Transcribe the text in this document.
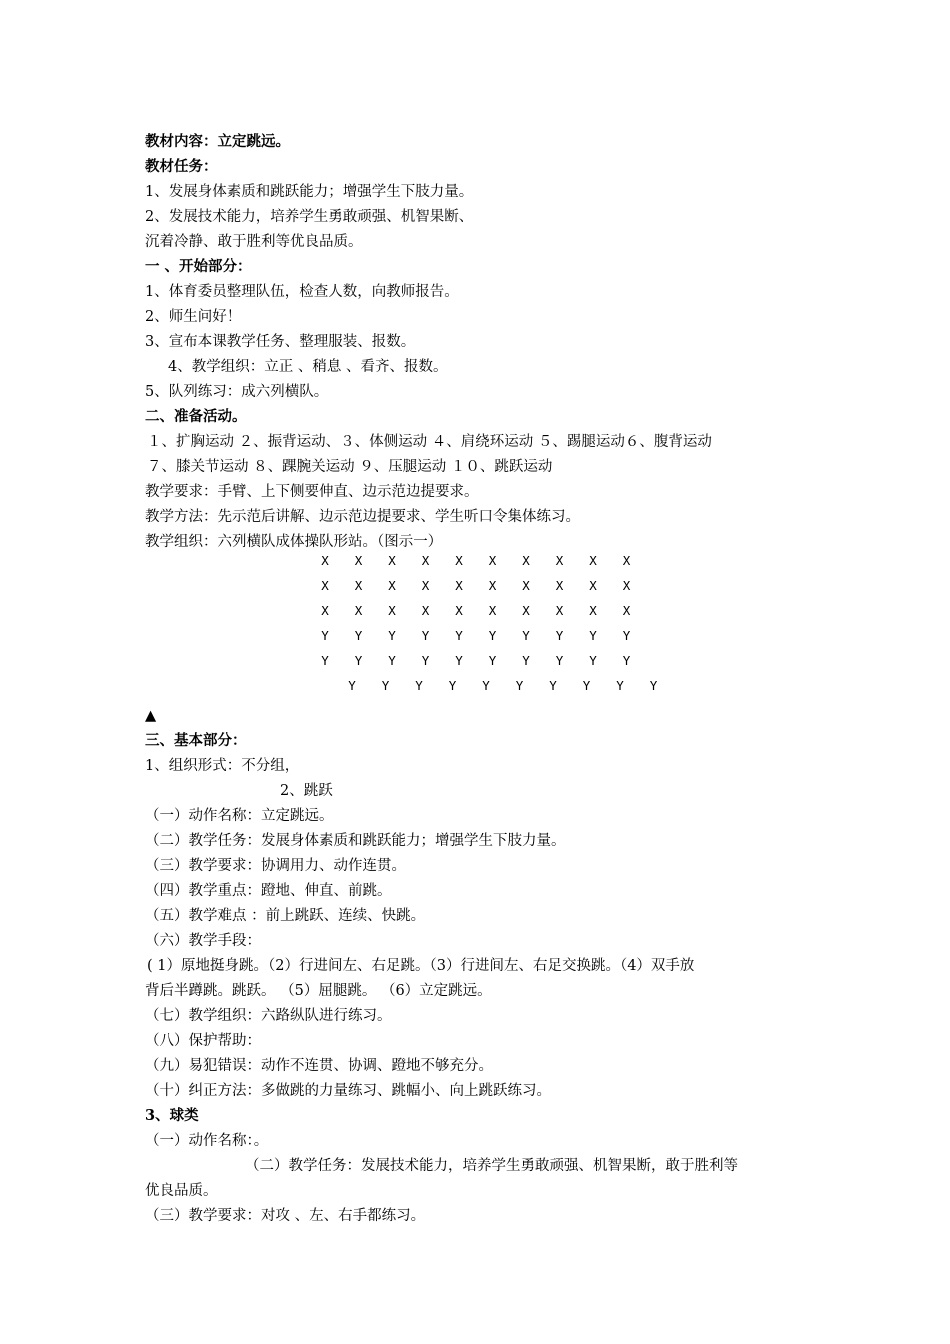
教材内容：立定跳远。
教材任务：
1、发展身体素质和跳跃能力；增强学生下肢力量。
2、发展技术能力，培养学生勇敢顽强、机智果断、
沉着冷静、敢于胜利等优良品质。
一 、开始部分：
1、体育委员整理队伍，检查人数，向教师报告。
2、师生问好！
3、宣布本课教学任务、整理服装、报数。
4、教学组织：立正 、稍息 、看齐、报数。
5、队列练习：成六列横队。
二、准备活动。
１、扩胸运动 ２、振背运动、３、体侧运动 ４、肩绕环运动 ５、踢腿运动６、腹背运动
７、膝关节运动 ８、踝腕关运动 ９、压腿运动 １０、跳跃运动
教学要求：手臂、上下侧要伸直、边示范边提要求。
教学方法：先示范后讲解、边示范边提要求、学生听口令集体练习。
教学组织：六列横队成体操队形站。（图示一）
▲
三、基本部分：
1、组织形式：不分组，
2、跳跃
（一）动作名称：立定跳远。
（二）教学任务：发展身体素质和跳跃能力；增强学生下肢力量。
（三）教学要求：协调用力、动作连贯。
（四）教学重点：蹬地、伸直、前跳。
（五）教学难点 ：前上跳跃、连续、快跳。
（六）教学手段：
( 1）原地挺身跳。（2）行进间左、右足跳。（3）行进间左、右足交换跳。（4）双手放
背后半蹲跳。跳跃。 （5）屈腿跳。 （6）立定跳远。
（七）教学组织：六路纵队进行练习。
（八）保护帮助：
（九）易犯错误：动作不连贯、协调、蹬地不够充分。
（十）纠正方法：多做跳的力量练习、跳幅小、向上跳跃练习。
3、球类
（一）动作名称：。
（二）教学任务：发展技术能力，培养学生勇敢顽强、机智果断，敢于胜利等
优良品质。
（三）教学要求：对攻 、左、右手都练习。
X	X	X	X	X	X	X	X	X	X
X	X	X	X	X	X	X	X	X	X
X	X	X	X	X	X	X	X	X	X
Y	Y	Y	Y	Y	Y	Y	Y	Y	Y
Y	Y	Y	Y	Y	Y	Y	Y	Y	Y
Y	Y	Y	Y	Y	Y	Y	Y	Y	Y
